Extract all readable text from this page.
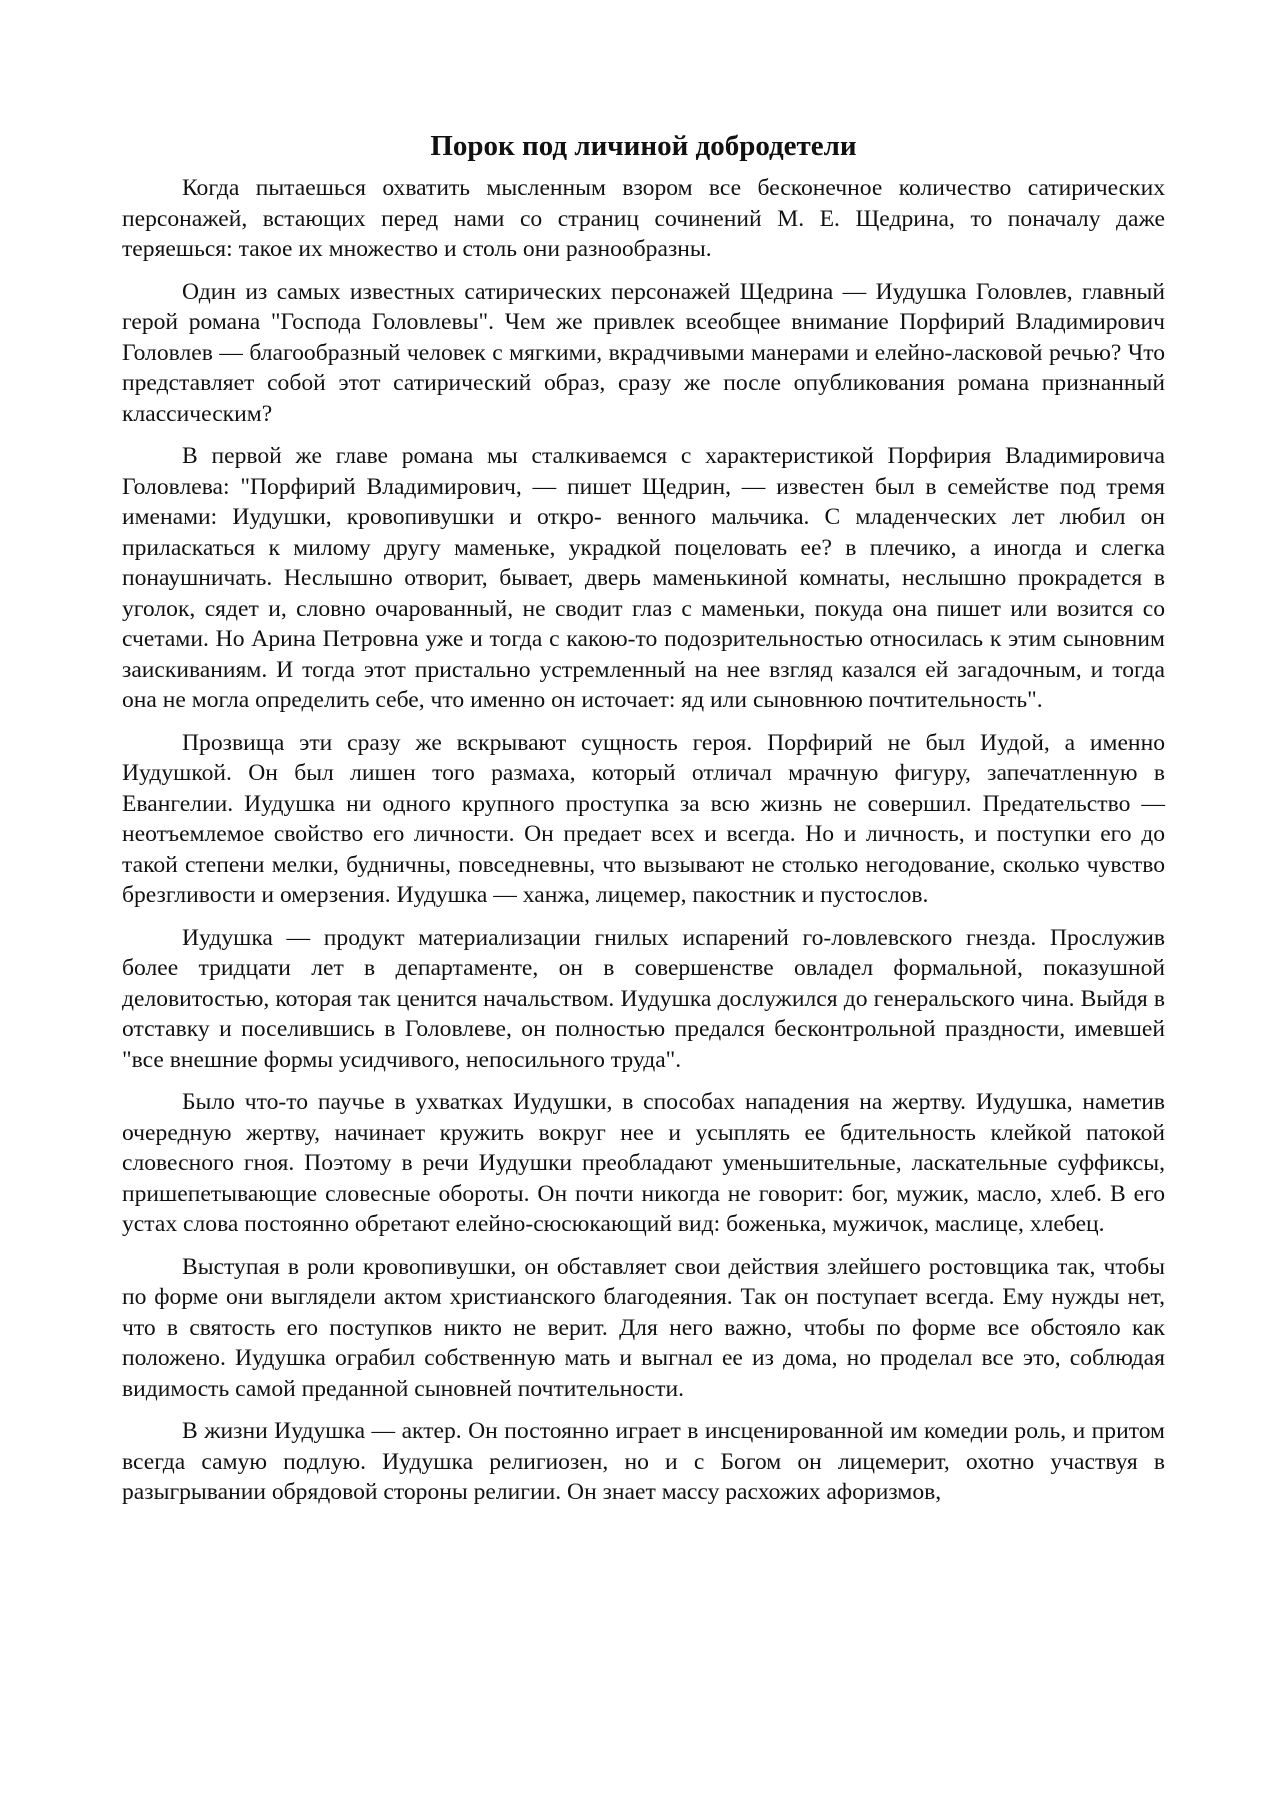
Порок под личиной добродетели

Когда пытаешься охватить мысленным взором все бесконечное количество сатирических персонажей, встающих перед нами со страниц сочинений М. Е. Щедрина, то поначалу даже теряешься: такое их множество и столь они разнообразны.

Один из самых известных сатирических персонажей Щедрина — Иудушка Головлев, главный герой романа "Господа Головлевы". Чем же привлек всеобщее внимание Порфирий Владимирович Головлев — благообразный человек с мягкими, вкрадчивыми манерами и елейно-ласковой речью? Что представляет собой этот сатирический образ, сразу же после опубликования романа признанный классическим?

В первой же главе романа мы сталкиваемся с характеристикой Порфирия Владимировича Головлева: "Порфирий Владимирович, — пишет Щедрин, — известен был в семействе под тремя именами: Иудушки, кровопивушки и откро- венного мальчика. С младенческих лет любил он приласкаться к милому другу маменьке, украдкой поцеловать ее? в плечико, а иногда и слегка понаушничать. Неслышно отворит, бывает, дверь маменькиной комнаты, неслышно прокрадется в уголок, сядет и, словно очарованный, не сводит глаз с маменьки, покуда она пишет или возится со счетами. Но Арина Петровна уже и тогда с какою-то подозрительностью относилась к этим сыновним заискиваниям. И тогда этот пристально устремленный на нее взгляд казался ей загадочным, и тогда она не могла определить себе, что именно он источает: яд или сыновнюю почтительность".

Прозвища эти сразу же вскрывают сущность героя. Порфирий не был Иудой, а именно Иудушкой. Он был лишен того размаха, который отличал мрачную фигуру, запечатленную в Евангелии. Иудушка ни одного крупного проступка за всю жизнь не совершил. Предательство — неотъемлемое свойство его личности. Он предает всех и всегда. Но и личность, и поступки его до такой степени мелки, будничны, повседневны, что вызывают не столько негодование, сколько чувство брезгливости и омерзения. Иудушка — ханжа, лицемер, пакостник и пустослов.

Иудушка — продукт материализации гнилых испарений го-ловлевского гнезда. Прослужив более тридцати лет в департаменте, он в совершенстве овладел формальной, показушной деловитостью, которая так ценится начальством. Иудушка дослужился до генеральского чина. Выйдя в отставку и поселившись в Головлеве, он полностью предался бесконтрольной праздности, имевшей "все внешние формы усидчивого, непосильного труда".

Было что-то паучье в ухватках Иудушки, в способах нападения на жертву. Иудушка, наметив очередную жертву, начинает кружить вокруг нее и усыплять ее бдительность клейкой патокой словесного гноя. Поэтому в речи Иудушки преобладают уменьшительные, ласкательные суффиксы, пришепетывающие словесные обороты. Он почти никогда не говорит: бог, мужик, масло, хлеб. В его устах слова постоянно обретают елейно-сюсюкающий вид: боженька, мужичок, маслице, хлебец.

Выступая в роли кровопивушки, он обставляет свои действия злейшего ростовщика так, чтобы по форме они выглядели актом христианского благодеяния. Так он поступает всегда. Ему нужды нет, что в святость его поступков никто не верит. Для него важно, чтобы по форме все обстояло как положено. Иудушка ограбил собственную мать и выгнал ее из дома, но проделал все это, соблюдая видимость самой преданной сыновней почтительности.

В жизни Иудушка — актер. Он постоянно играет в инсценированной им комедии роль, и притом всегда самую подлую. Иудушка религиозен, но и с Богом он лицемерит, охотно участвуя в разыгрывании обрядовой стороны религии. Он знает массу расхожих афоризмов,
